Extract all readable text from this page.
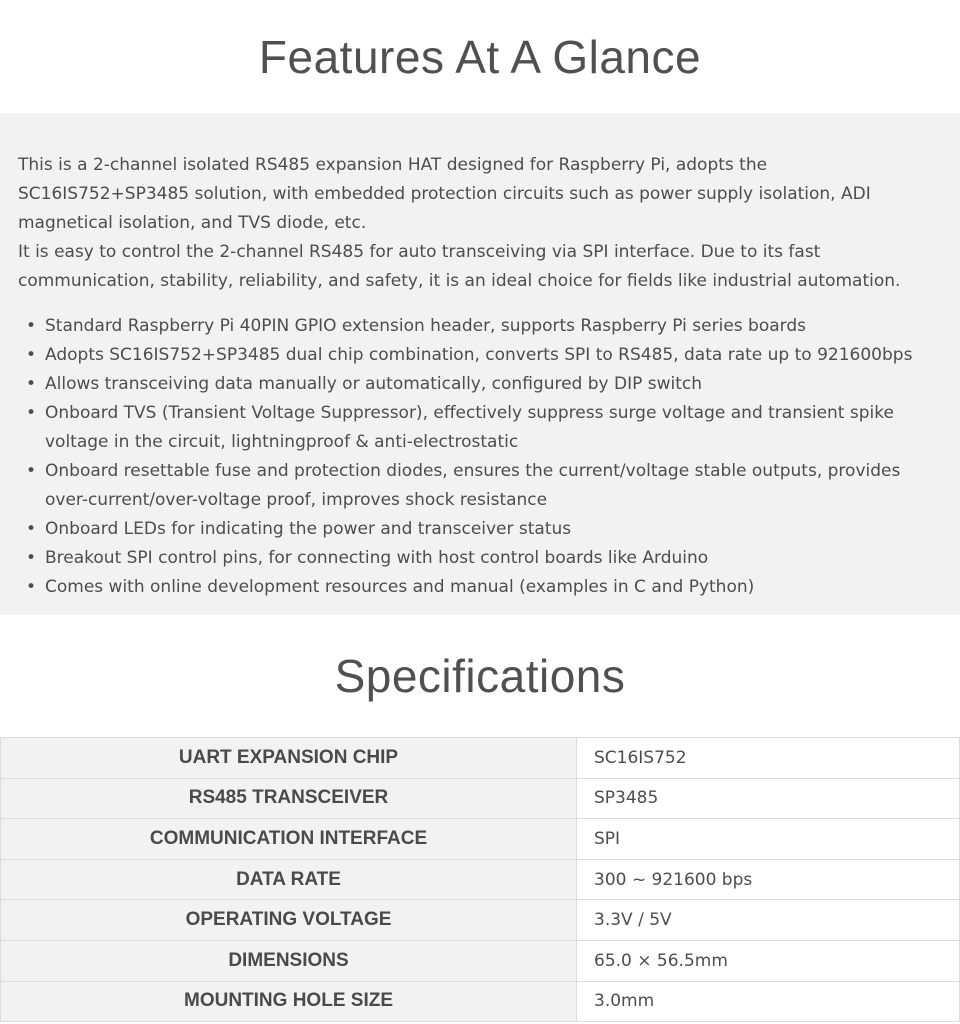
Features At A Glance

This is a 2-channel isolated RS485 expansion HAT designed for Raspberry Pi, adopts the SC16IS752+SP3485 solution, with embedded protection circuits such as power supply isolation, ADI magnetical isolation, and TVS diode, etc.

It is easy to control the 2-channel RS485 for auto transceiving via SPI interface. Due to its fast communication, stability, reliability, and safety, it is an ideal choice for fields like industrial automation.

• Standard Raspberry Pi 40PIN GPIO extension header, supports Raspberry Pi series boards
• Adopts SC16IS752+SP3485 dual chip combination, converts SPI to RS485, data rate up to 921600bps
• Allows transceiving data manually or automatically, configured by DIP switch
• Onboard TVS (Transient Voltage Suppressor), effectively suppress surge voltage and transient spike voltage in the circuit, lightningproof & anti-electrostatic
• Onboard resettable fuse and protection diodes, ensures the current/voltage stable outputs, provides over-current/over-voltage proof, improves shock resistance
• Onboard LEDs for indicating the power and transceiver status
• Breakout SPI control pins, for connecting with host control boards like Arduino
• Comes with online development resources and manual (examples in C and Python)
Specifications
UART EXPANSION CHIP	SC16IS752
RS485 TRANSCEIVER	SP3485
COMMUNICATION INTERFACE	SPI
DATA RATE	300 ~ 921600 bps
OPERATING VOLTAGE	3.3V / 5V
DIMENSIONS	65.0 × 56.5mm
MOUNTING HOLE SIZE	3.0mm
